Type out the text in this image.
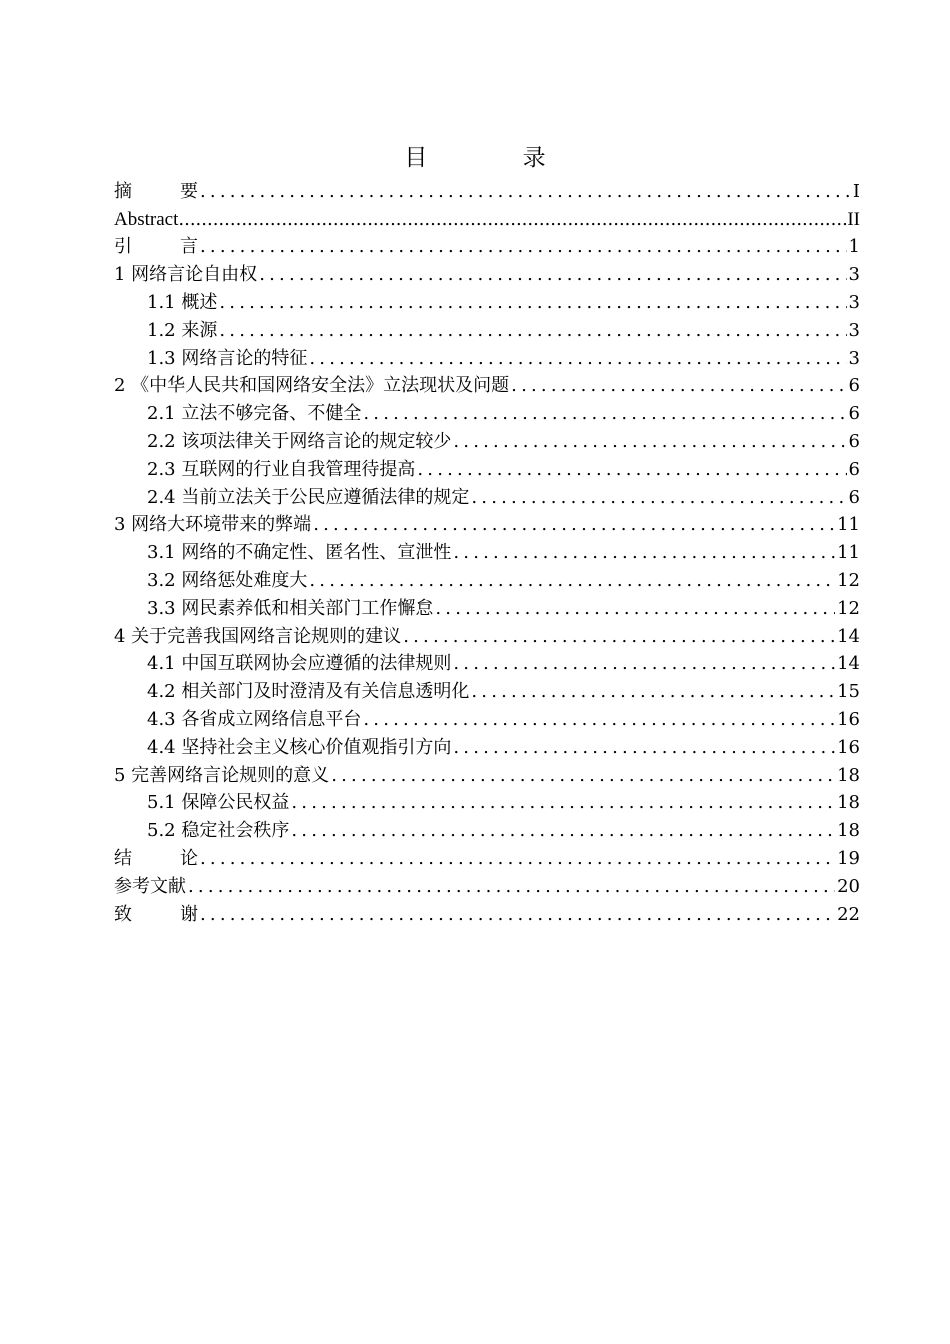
目 录
摘要 .....	I
Abstract .....	II
引言 .....	1
1 网络言论自由权 .....	3
1.1 概述 .....	3
1.2 来源 .....	3
1.3 网络言论的特征 .....	3
2 《中华人民共和国网络安全法》立法现状及问题 .....	6
2.1 立法不够完备、不健全 .....	6
2.2 该项法律关于网络言论的规定较少 .....	6
2.3 互联网的行业自我管理待提高 .....	6
2.4 当前立法关于公民应遵循法律的规定 .....	6
3 网络大环境带来的弊端 .....	11
3.1 网络的不确定性、匿名性、宣泄性 .....	11
3.2 网络惩处难度大 .....	12
3.3 网民素养低和相关部门工作懈怠 .....	12
4 关于完善我国网络言论规则的建议 .....	14
4.1 中国互联网协会应遵循的法律规则 .....	14
4.2 相关部门及时澄清及有关信息透明化 .....	15
4.3 各省成立网络信息平台 .....	16
4.4 坚持社会主义核心价值观指引方向 .....	16
5 完善网络言论规则的意义 .....	18
5.1 保障公民权益 .....	18
5.2 稳定社会秩序 .....	18
结论 .....	19
参考文献 .....	20
致谢 .....	22
